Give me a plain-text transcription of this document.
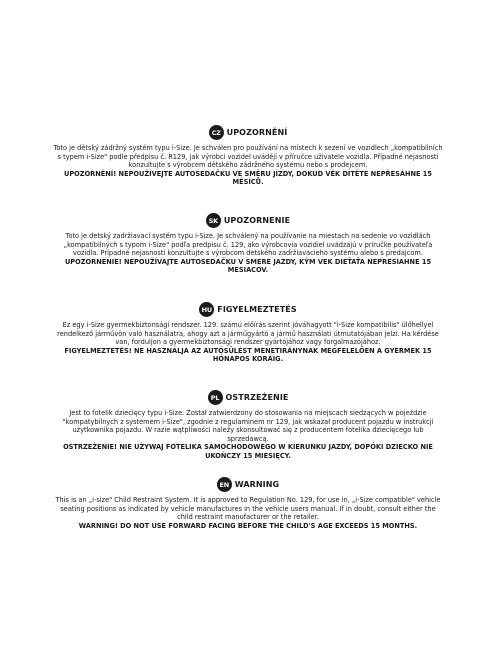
CZ UPOZORNĚNÍ

Toto je dětský zádržný systém typu i-Size. Je schválen pro používání na místech k sezení ve vozidlech „kompatibilních s typem i-Size" podle předpisu č. R129, jak výrobci vozidel uvádějí v příručce uživatele vozidla. Případné nejasnosti konzultujte s výrobcem dětského zádržného systému nebo s prodejcem.

UPOZORNĚNÍ! NEPOUŽÍVEJTE AUTOSEDAČKU VE SMĚRU JÍZDY, DOKUD VĚK DÍTĚTE NEPŘESÁHNE 15 MĚSÍCŮ.

SK UPOZORNENIE

Toto je detský zadržiavací systém typu i-Size. Je schválený na používanie na miestach na sedenie vo vozidlách „kompatibilných s typom i-Size" podľa predpisu č. 129, ako výrobcovia vozidiel uvádzajú v príručke používateľa vozidla. Prípadné nejasnosti konzultujte s výrobcom detského zadržiavacieho systému alebo s predajcom.

UPOZORNENIE! NEPOUŽÍVAJTE AUTOSEDAČKU V SMERE JAZDY, KÝM VEK DIEŤAŤA NEPRESIAHNE 15 MESIACOV.

HU FIGYELMEZTETÉS

Ez egy i-Size gyermekbiztonsági rendszer. 129. számú előírás szerint jóváhagyott "i-Size kompatibilis" ülőhellyel rendelkező járművön való használatra, ahogy azt a járműgyártó a jármű használati útmutatójában jelzi. Ha kérdése van, forduljon a gyermekbiztonsági rendszer gyártójához vagy forgalmazójához.

FIGYELMEZTETÉS! NE HASZNÁLJA AZ AUTÓSÜLÉST MENETIRÁNYNAK MEGFELELŐEN A GYERMEK 15 HÓNAPOS KORÁIG.

PL OSTRZEŻENIE

Jest to fotelik dziecięcy typu i-Size. Został zatwierdzony do stosowania na miejscach siedzących w pojeździe "kompatybilnych z systemem i-Size", zgodnie z regulaminem nr 129, jak wskazał producent pojazdu w instrukcji użytkownika pojazdu. W razie wątpliwości należy skonsultować się z producentem fotelika dziecięcego lub sprzedawcą.

OSTRZEŻENIE! NIE UŻYWAJ FOTELIKA SAMOCHODOWEGO W KIERUNKU JAZDY, DOPÓKI DZIECKO NIE UKOŃCZY 15 MIESIĘCY.

EN WARNING

This is an „i-size" Child Restraint System. It is approved to Regulation No. 129, for use in, „i-Size compatible" vehicle seating positions as indicated by vehicle manufactures in the vehicle users manual. If in doubt, consult either the child restraint manufacturer or the retailer.

WARNING! DO NOT USE FORWARD FACING BEFORE THE CHILD'S AGE EXCEEDS 15 MONTHS.
